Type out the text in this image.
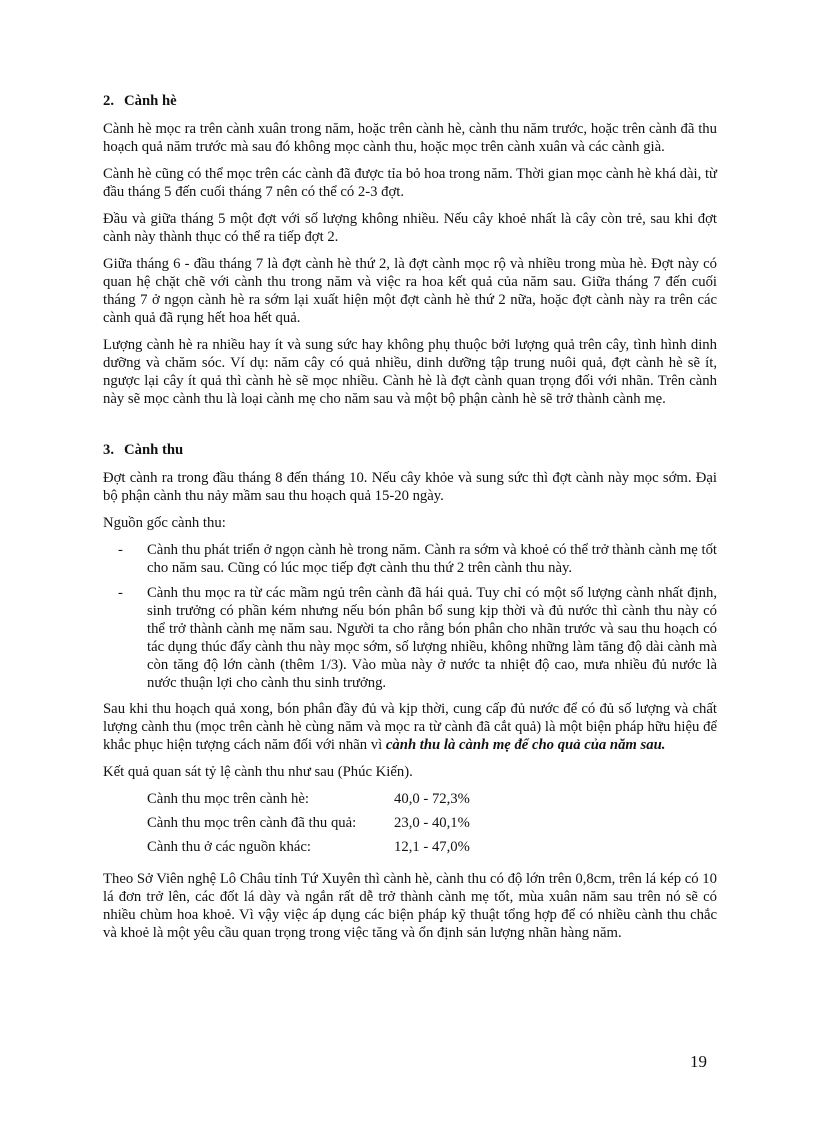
2. Cành hè

Cành hè mọc ra trên cành xuân trong năm, hoặc trên cành hè, cành thu năm trước, hoặc trên cành đã thu hoạch quả năm trước mà sau đó không mọc cành thu, hoặc mọc trên cành xuân và các cành già.

Cành hè cũng có thể mọc trên các cành đã được tỉa bỏ hoa trong năm. Thời gian mọc cành hè khá dài, từ đầu tháng 5 đến cuối tháng 7 nên có thể có 2-3 đợt.

Đầu và giữa tháng 5 một đợt với số lượng không nhiều. Nếu cây khoẻ nhất là cây còn trẻ, sau khi đợt cành này thành thục có thể ra tiếp đợt 2.

Giữa tháng 6 - đầu tháng 7 là đợt cành hè thứ 2, là đợt cành mọc rộ và nhiều trong mùa hè. Đợt này có quan hệ chặt chẽ với cành thu trong năm và việc ra hoa kết quả của năm sau. Giữa tháng 7 đến cuối tháng 7 ở ngọn cành hè ra sớm lại xuất hiện một đợt cành hè thứ 2 nữa, hoặc đợt cành này ra trên các cành quả đã rụng hết hoa hết quả.

Lượng cành hè ra nhiều hay ít và sung sức hay không phụ thuộc bởi lượng quả trên cây, tình hình dinh dưỡng và chăm sóc. Ví dụ: năm cây có quả nhiều, dinh dưỡng tập trung nuôi quả, đợt cành hè sẽ ít, ngược lại cây ít quả thì cành hè sẽ mọc nhiều. Cành hè là đợt cành quan trọng đối với nhãn. Trên cành này sẽ mọc cành thu là loại cành mẹ cho năm sau và một bộ phận cành hè sẽ trở thành cành mẹ.

3. Cành thu

Đợt cành ra trong đầu tháng 8 đến tháng 10. Nếu cây khỏe và sung sức thì đợt cành này mọc sớm. Đại bộ phận cành thu nảy mầm sau thu hoạch quả 15-20 ngày.

Nguồn gốc cành thu:

- Cành thu phát triển ở ngọn cành hè trong năm. Cành ra sớm và khoẻ có thể trở thành cành mẹ tốt cho năm sau. Cũng có lúc mọc tiếp đợt cành thu thứ 2 trên cành thu này.
- Cành thu mọc ra từ các mầm ngủ trên cành đã hái quả. Tuy chỉ có một số lượng cành nhất định, sinh trưởng có phần kém nhưng nếu bón phân bổ sung kịp thời và đủ nước thì cành thu này có thể trở thành cành mẹ năm sau. Người ta cho rằng bón phân cho nhãn trước và sau thu hoạch có tác dụng thúc đẩy cành thu này mọc sớm, số lượng nhiều, không những làm tăng độ dài cành mà còn tăng độ lớn cành (thêm 1/3). Vào mùa này ở nước ta nhiệt độ cao, mưa nhiều đủ nước là nước thuận lợi cho cành thu sinh trưởng.

Sau khi thu hoạch quả xong, bón phân đầy đủ và kịp thời, cung cấp đủ nước để có đủ số lượng và chất lượng cành thu (mọc trên cành hè cùng năm và mọc ra từ cành đã cắt quả) là một biện pháp hữu hiệu để khắc phục hiện tượng cách năm đối với nhãn vì cành thu là cành mẹ để cho quả của năm sau.

Kết quả quan sát tỷ lệ cành thu như sau (Phúc Kiến).

Cành thu mọc trên cành hè:	40,0 - 72,3%
Cành thu mọc trên cành đã thu quả:	23,0 - 40,1%
Cành thu ở các nguồn khác:	12,1 - 47,0%

Theo Sở Viên nghệ Lô Châu tỉnh Tứ Xuyên thì cành hè, cành thu có độ lớn trên 0,8cm, trên lá kép có 10 lá đơn trở lên, các đốt lá dày và ngắn rất dễ trở thành cành mẹ tốt, mùa xuân năm sau trên nó sẽ có nhiều chùm hoa khoẻ. Vì vậy việc áp dụng các biện pháp kỹ thuật tổng hợp để có nhiều cành thu chắc và khoẻ là một yêu cầu quan trọng trong việc tăng và ổn định sản lượng nhãn hàng năm.

19
